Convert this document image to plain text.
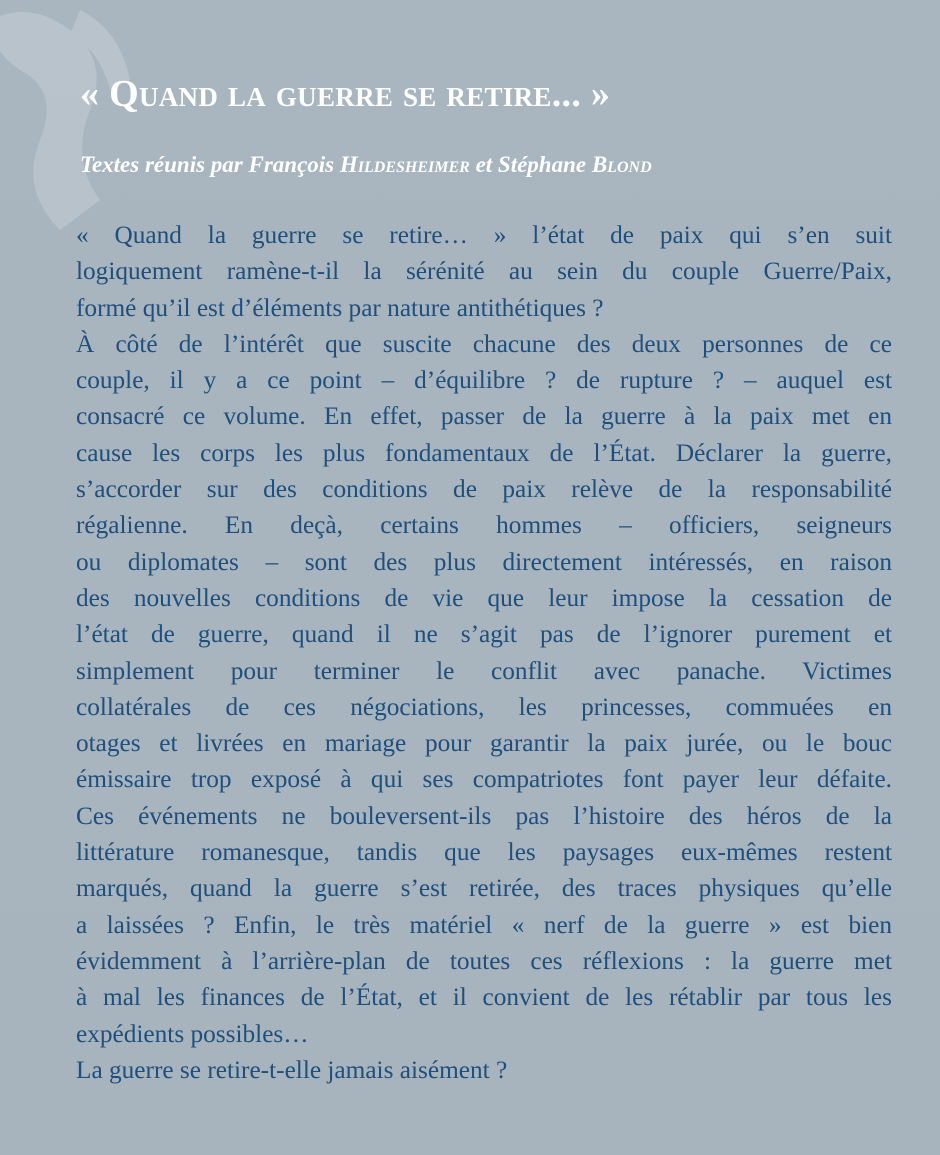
« Quand la guerre se retire... »

Textes réunis par François Hildesheimer et Stéphane Blond

« Quand la guerre se retire… » l’état de paix qui s’en suit
logiquement ramène-t-il la sérénité au sein du couple Guerre/Paix,
formé qu’il est d’éléments par nature antithétiques ?
À côté de l’intérêt que suscite chacune des deux personnes de ce
couple, il y a ce point – d’équilibre ? de rupture ? – auquel est
consacré ce volume. En effet, passer de la guerre à la paix met en
cause les corps les plus fondamentaux de l’État. Déclarer la guerre,
s’accorder sur des conditions de paix relève de la responsabilité
régalienne. En deçà, certains hommes – officiers, seigneurs
ou diplomates – sont des plus directement intéressés, en raison
des nouvelles conditions de vie que leur impose la cessation de
l’état de guerre, quand il ne s’agit pas de l’ignorer purement et
simplement pour terminer le conflit avec panache. Victimes
collatérales de ces négociations, les princesses, commuées en
otages et livrées en mariage pour garantir la paix jurée, ou le bouc
émissaire trop exposé à qui ses compatriotes font payer leur défaite.
Ces événements ne bouleversent-ils pas l’histoire des héros de la
littérature romanesque, tandis que les paysages eux-mêmes restent
marqués, quand la guerre s’est retirée, des traces physiques qu’elle
a laissées ? Enfin, le très matériel « nerf de la guerre » est bien
évidemment à l’arrière-plan de toutes ces réflexions : la guerre met
à mal les finances de l’État, et il convient de les rétablir par tous les
expédients possibles…
La guerre se retire-t-elle jamais aisément ?
